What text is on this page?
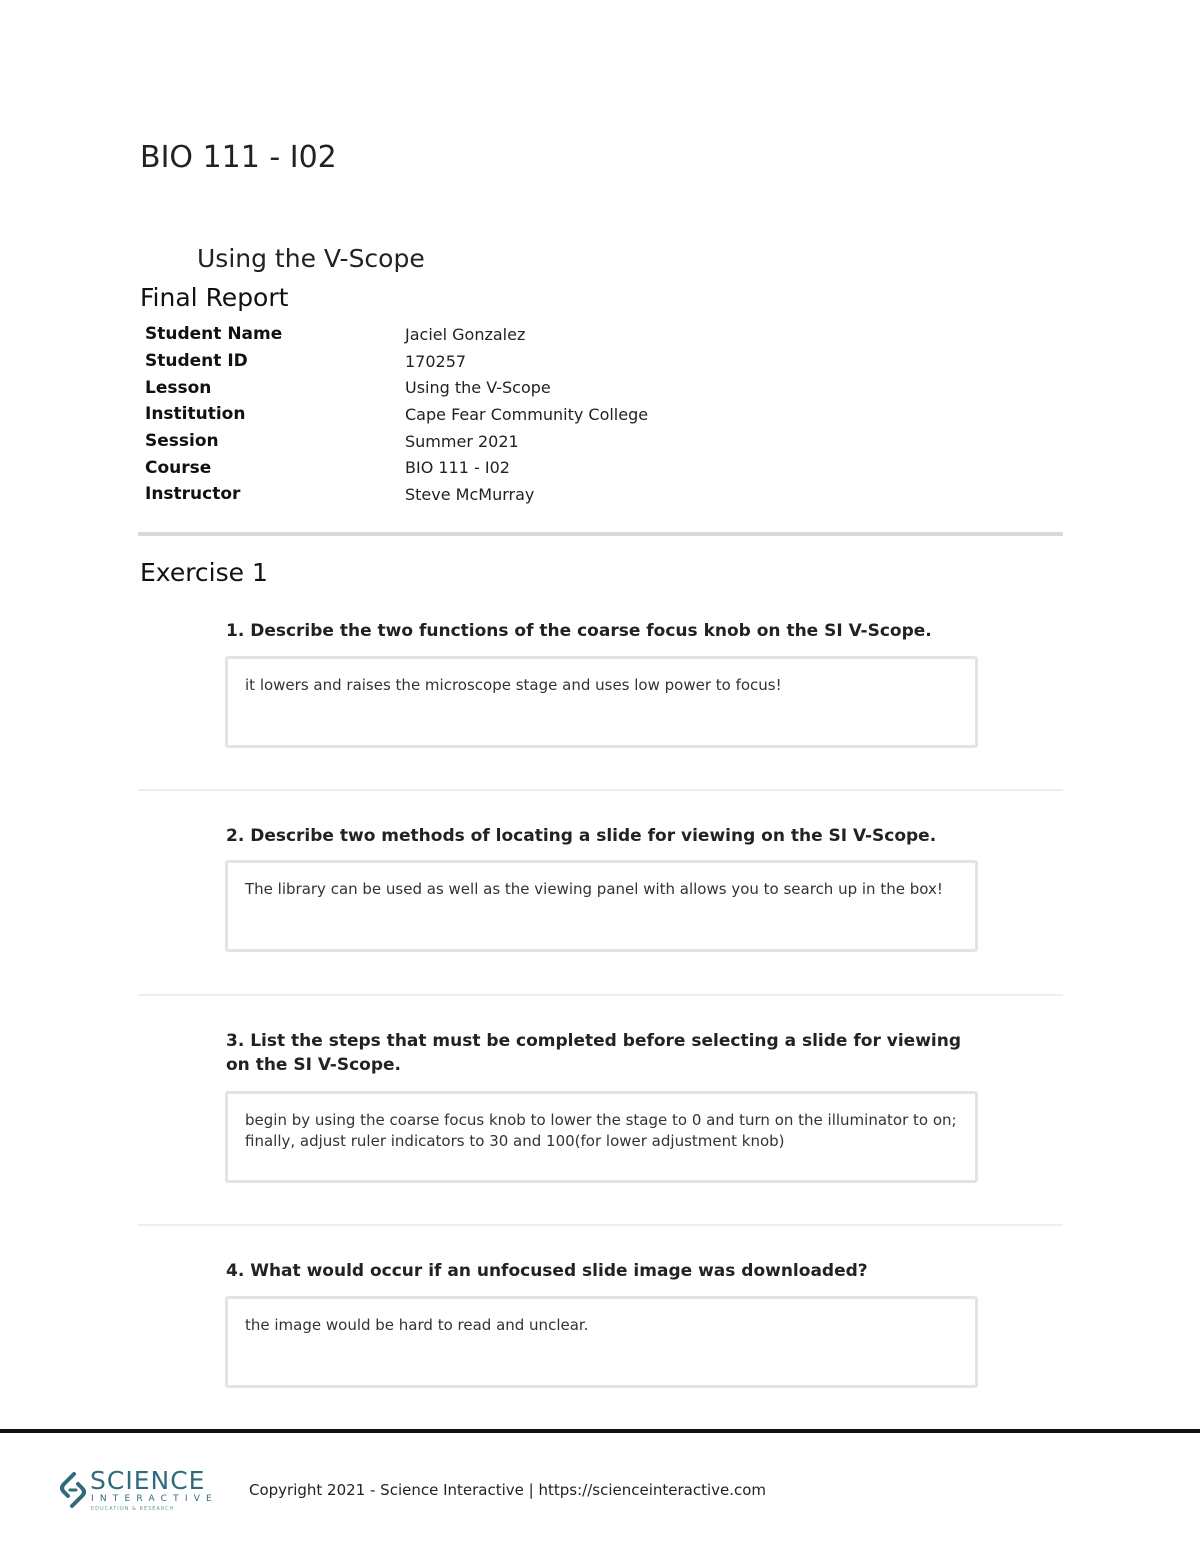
BIO 111 - I02
Using the V-Scope
Final Report
Student Name	Jaciel Gonzalez
Student ID	170257
Lesson	Using the V-Scope
Institution	Cape Fear Community College
Session	Summer 2021
Course	BIO 111 - I02
Instructor	Steve McMurray
Exercise 1
1. Describe the two functions of the coarse focus knob on the SI V-Scope.
it lowers and raises the microscope stage and uses low power to focus!
2. Describe two methods of locating a slide for viewing on the SI V-Scope.
The library can be used as well as the viewing panel with allows you to search up in the box!
3. List the steps that must be completed before selecting a slide for viewing on the SI V-Scope.
begin by using the coarse focus knob to lower the stage to 0 and turn on the illuminator to on; finally, adjust ruler indicators to 30 and 100(for lower adjustment knob)
4. What would occur if an unfocused slide image was downloaded?
the image would be hard to read and unclear.
SCIENCE
INTERACTIVE
EDUCATION & RESEARCH
Copyright 2021 - Science Interactive | https://scienceinteractive.com
